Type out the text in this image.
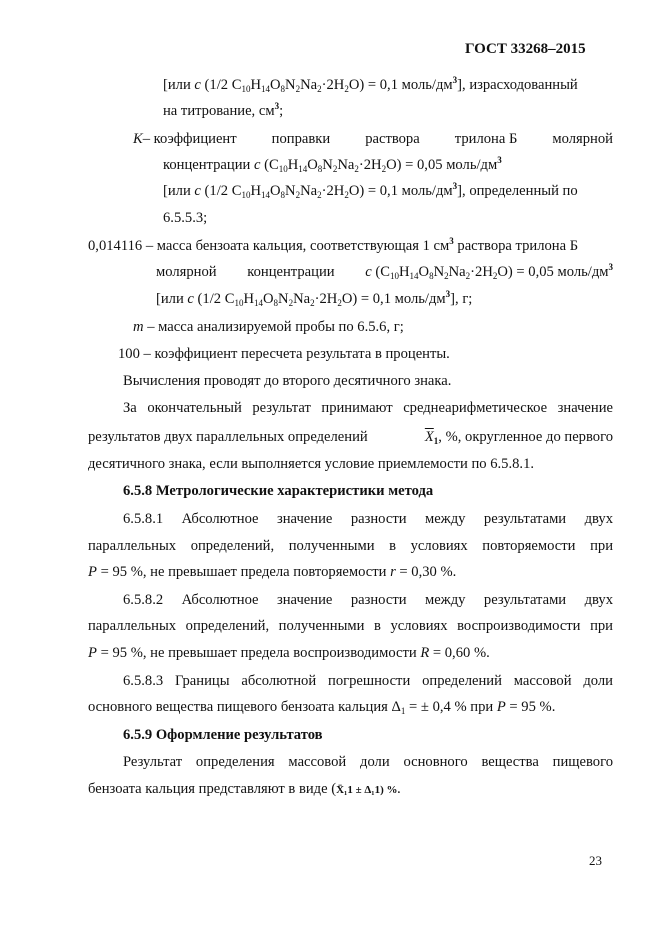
ГОСТ 33268–2015
[или c (1/2 $C_{10}H_{14}O_8N_2Na_2\cdot 2H_2O) = 0,1$ моль/$дм^3$], израсходованный
на титрование, $см^3$;
K– коэффициент поправки раствора трилона Б молярной
концентрации c $(C_{10}H_{14}O_8N_2Na_2\cdot 2H_2O) = 0,05$ моль/$дм^3$
[или c (1/2 $C_{10}H_{14}O_8N_2Na_2\cdot 2H_2O) = 0,1$ моль/$дм^3$], определенный по
6.5.5.3;
0,014116 – масса бензоата кальция, соответствующая 1 $см^3$ раствора трилона Б
молярной концентрации c $(C_{10}H_{14}O_8N_2Na_2\cdot 2H_2O) = 0,05$ моль/$дм^3$
[или c (1/2 $C_{10}H_{14}O_8N_2Na_2\cdot 2H_2O) = 0,1$ моль/$дм^3$], г;
m – масса анализируемой пробы по 6.5.6, г;
100 – коэффициент пересчета результата в проценты.
Вычисления проводят до второго десятичного знака.
За окончательный результат принимают среднеарифметическое значение
результатов двух параллельных определений	$\overline{X}_1$, %, округленное до первого
десятичного знака, если выполняется условие приемлемости по 6.5.8.1.
6.5.8 Метрологические характеристики метода
6.5.8.1 Абсолютное значение разности между результатами двух
параллельных определений, полученными в условиях повторяемости при
P = 95 %, не превышает предела повторяемости r = 0,30 %.
6.5.8.2 Абсолютное значение разности между результатами двух
параллельных определений, полученными в условиях воспроизводимости при
P = 95 %, не превышает предела воспроизводимости R = 0,60 %.
6.5.8.3 Границы абсолютной погрешности определений массовой доли
основного вещества пищевого бензоата кальция $\Delta_1$ = ± 0,4 % при P = 95 %.
6.5.9 Оформление результатов
Результат определения массовой доли основного вещества пищевого
бензоата кальция представляют в виде (X̄₁1 ± Δ₁1) %.
23
